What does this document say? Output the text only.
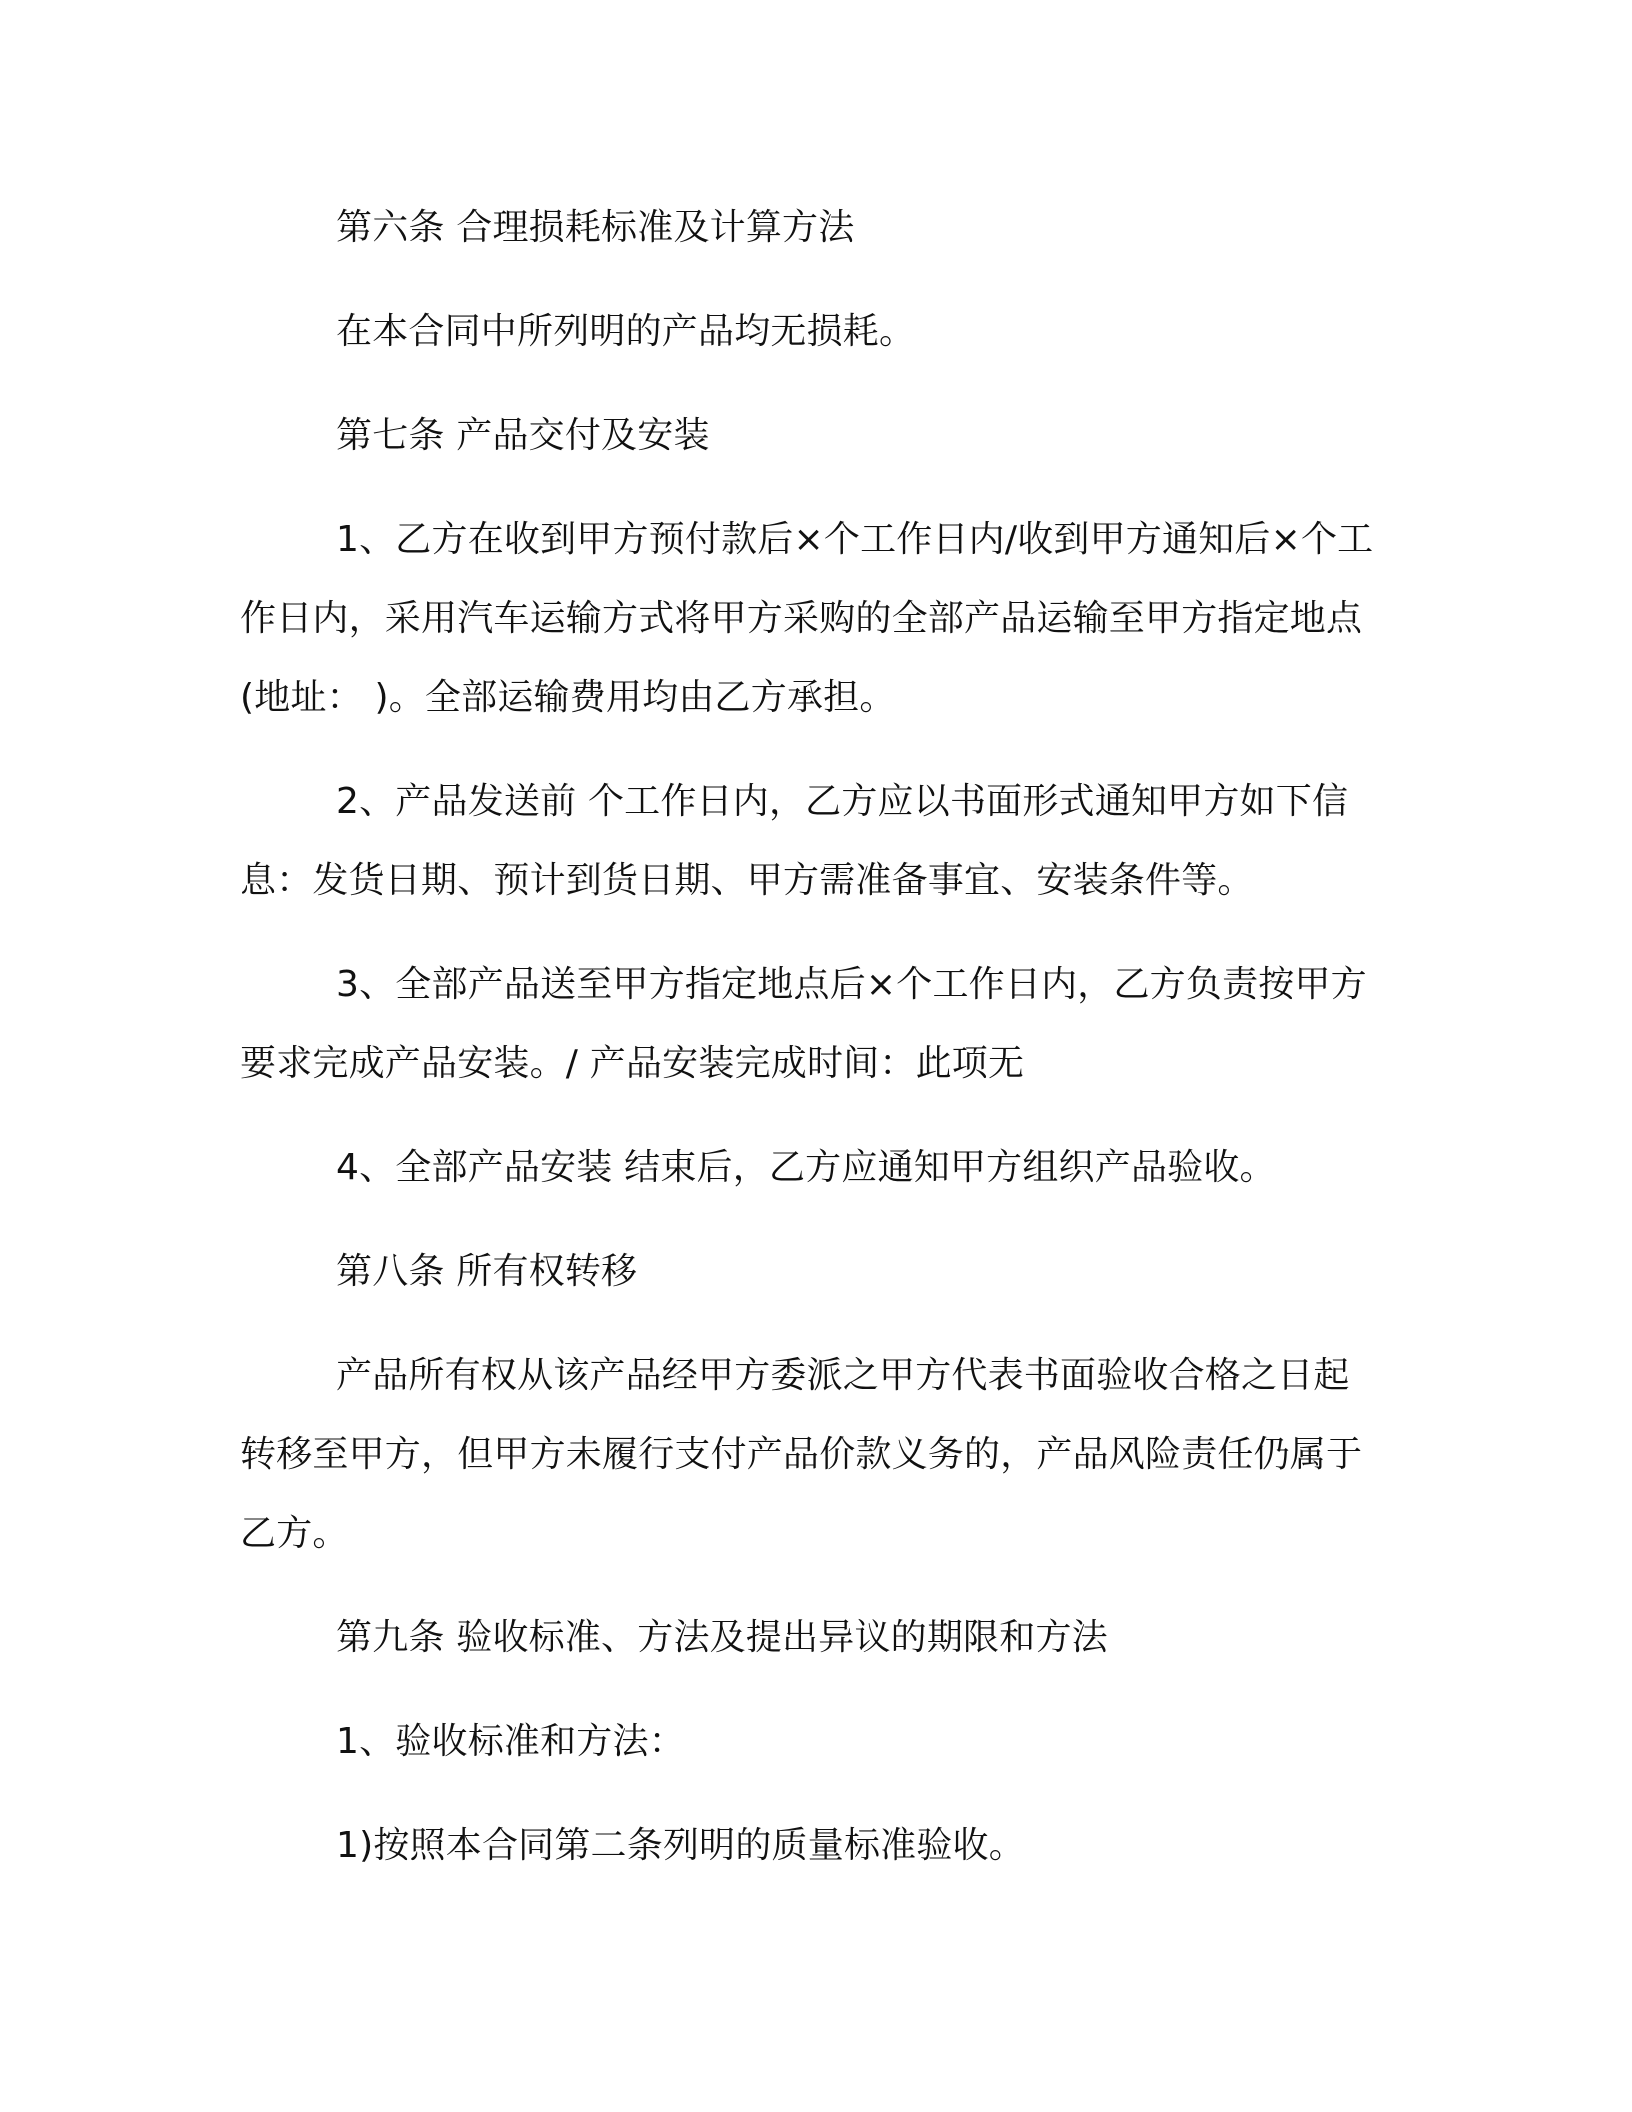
第六条 合理损耗标准及计算方法

在本合同中所列明的产品均无损耗。

第七条 产品交付及安装

1、乙方在收到甲方预付款后×个工作日内/收到甲方通知后×个工作日内，采用汽车运输方式将甲方采购的全部产品运输至甲方指定地点(地址： )。全部运输费用均由乙方承担。

2、产品发送前 个工作日内，乙方应以书面形式通知甲方如下信息：发货日期、预计到货日期、甲方需准备事宜、安装条件等。

3、全部产品送至甲方指定地点后×个工作日内，乙方负责按甲方要求完成产品安装。/ 产品安装完成时间：此项无

4、全部产品安装 结束后，乙方应通知甲方组织产品验收。

第八条 所有权转移

产品所有权从该产品经甲方委派之甲方代表书面验收合格之日起转移至甲方，但甲方未履行支付产品价款义务的，产品风险责任仍属于乙方。

第九条 验收标准、方法及提出异议的期限和方法

1、验收标准和方法：

1)按照本合同第二条列明的质量标准验收。
